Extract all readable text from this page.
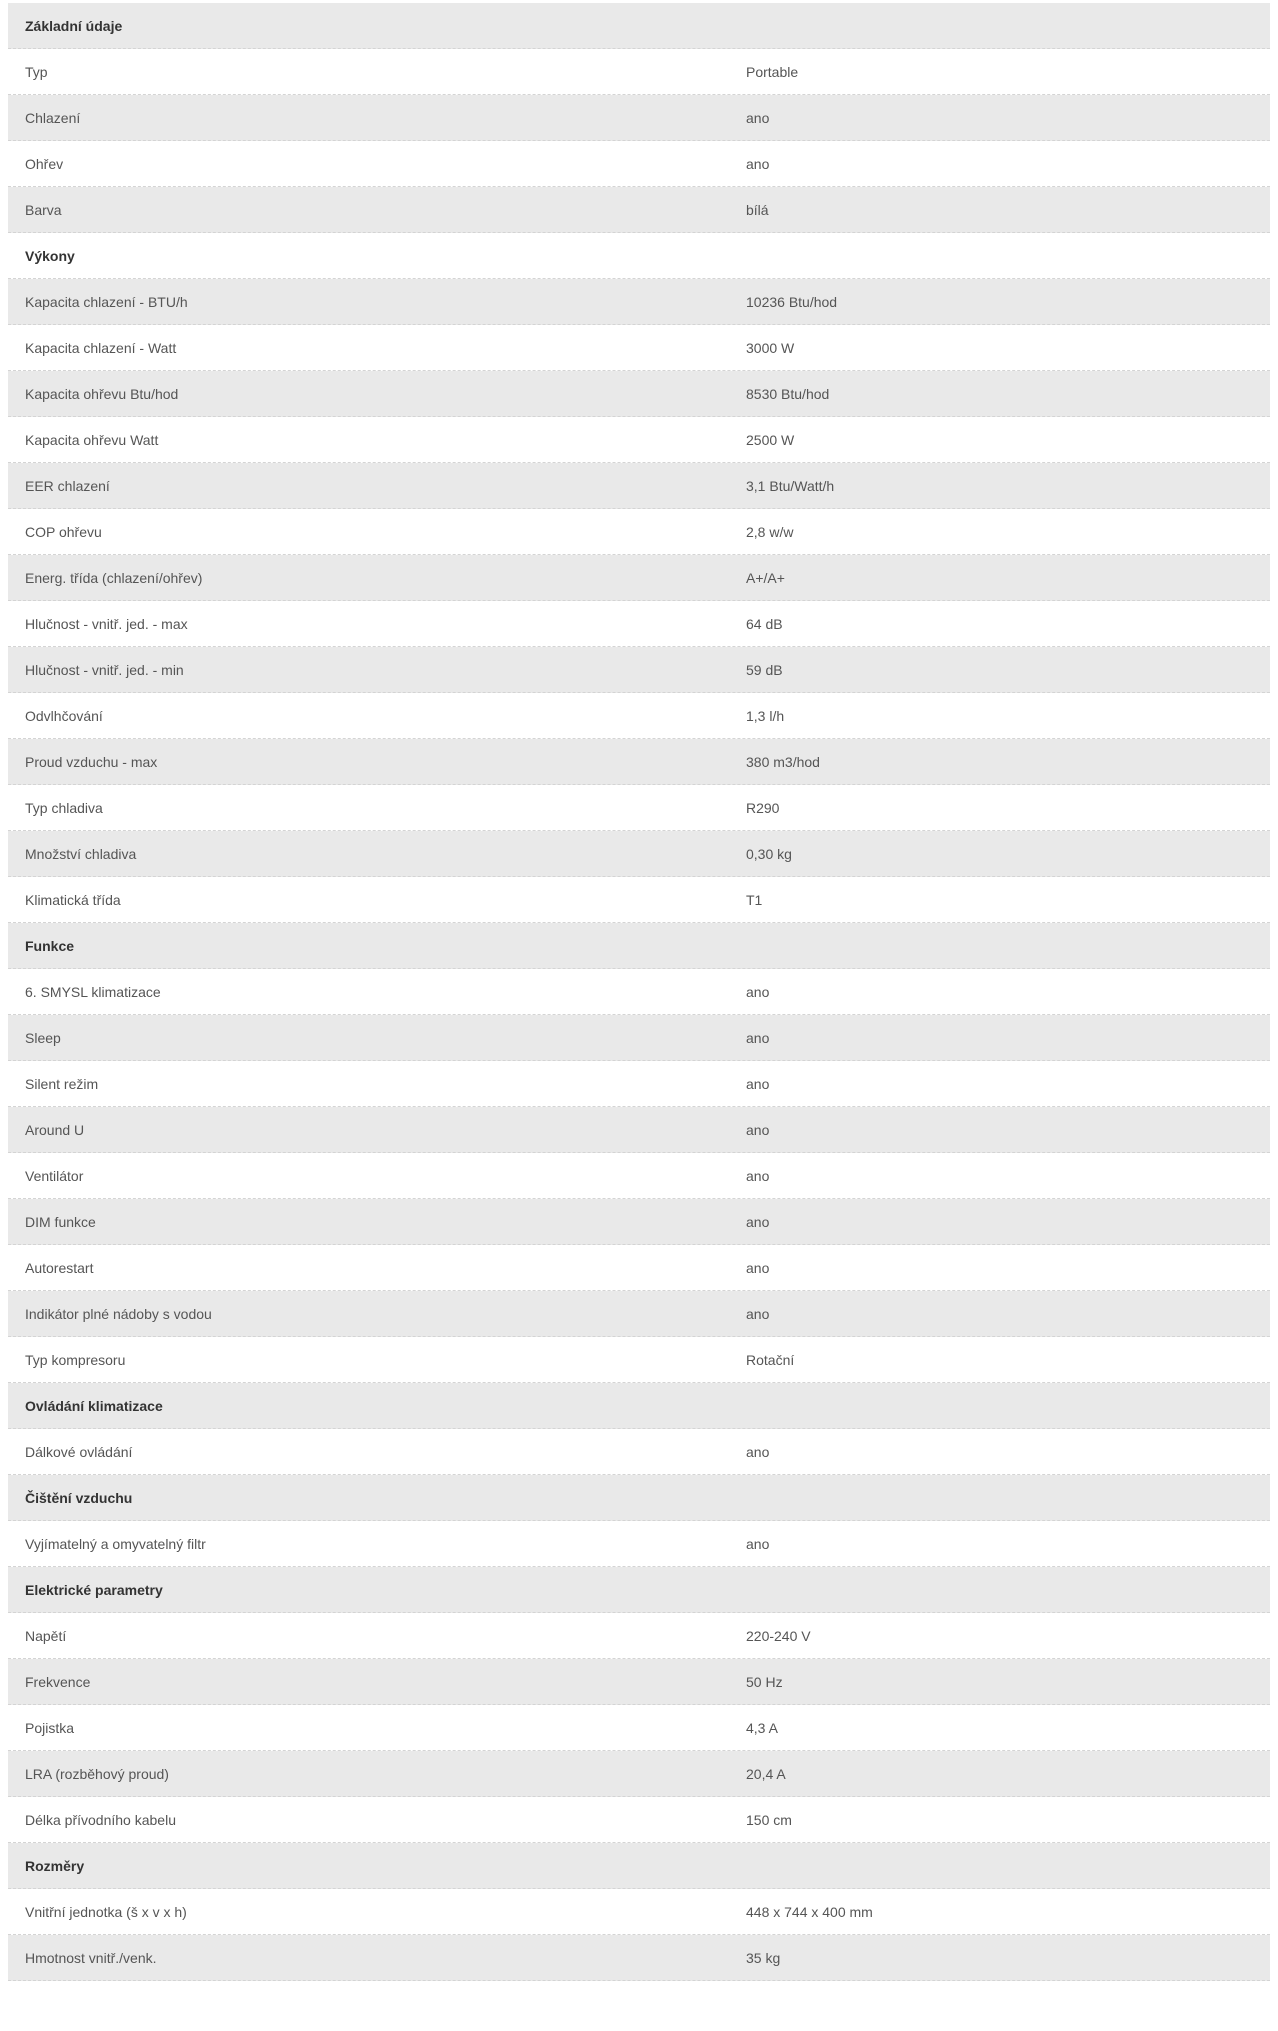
Základní údaje
Typ	Portable
Chlazení	ano
Ohřev	ano
Barva	bílá
Výkony
Kapacita chlazení - BTU/h	10236 Btu/hod
Kapacita chlazení - Watt	3000 W
Kapacita ohřevu Btu/hod	8530 Btu/hod
Kapacita ohřevu Watt	2500 W
EER chlazení	3,1 Btu/Watt/h
COP ohřevu	2,8 w/w
Energ. třída (chlazení/ohřev)	A+/A+
Hlučnost - vnitř. jed. - max	64 dB
Hlučnost - vnitř. jed. - min	59 dB
Odvlhčování	1,3 l/h
Proud vzduchu - max	380 m3/hod
Typ chladiva	R290
Množství chladiva	0,30 kg
Klimatická třída	T1
Funkce
6. SMYSL klimatizace	ano
Sleep	ano
Silent režim	ano
Around U	ano
Ventilátor	ano
DIM funkce	ano
Autorestart	ano
Indikátor plné nádoby s vodou	ano
Typ kompresoru	Rotační
Ovládání klimatizace
Dálkové ovládání	ano
Čištění vzduchu
Vyjímatelný a omyvatelný filtr	ano
Elektrické parametry
Napětí	220-240 V
Frekvence	50 Hz
Pojistka	4,3 A
LRA (rozběhový proud)	20,4 A
Délka přívodního kabelu	150 cm
Rozměry
Vnitřní jednotka (š x v x h)	448 x 744 x 400 mm
Hmotnost vnitř./venk.	35 kg
